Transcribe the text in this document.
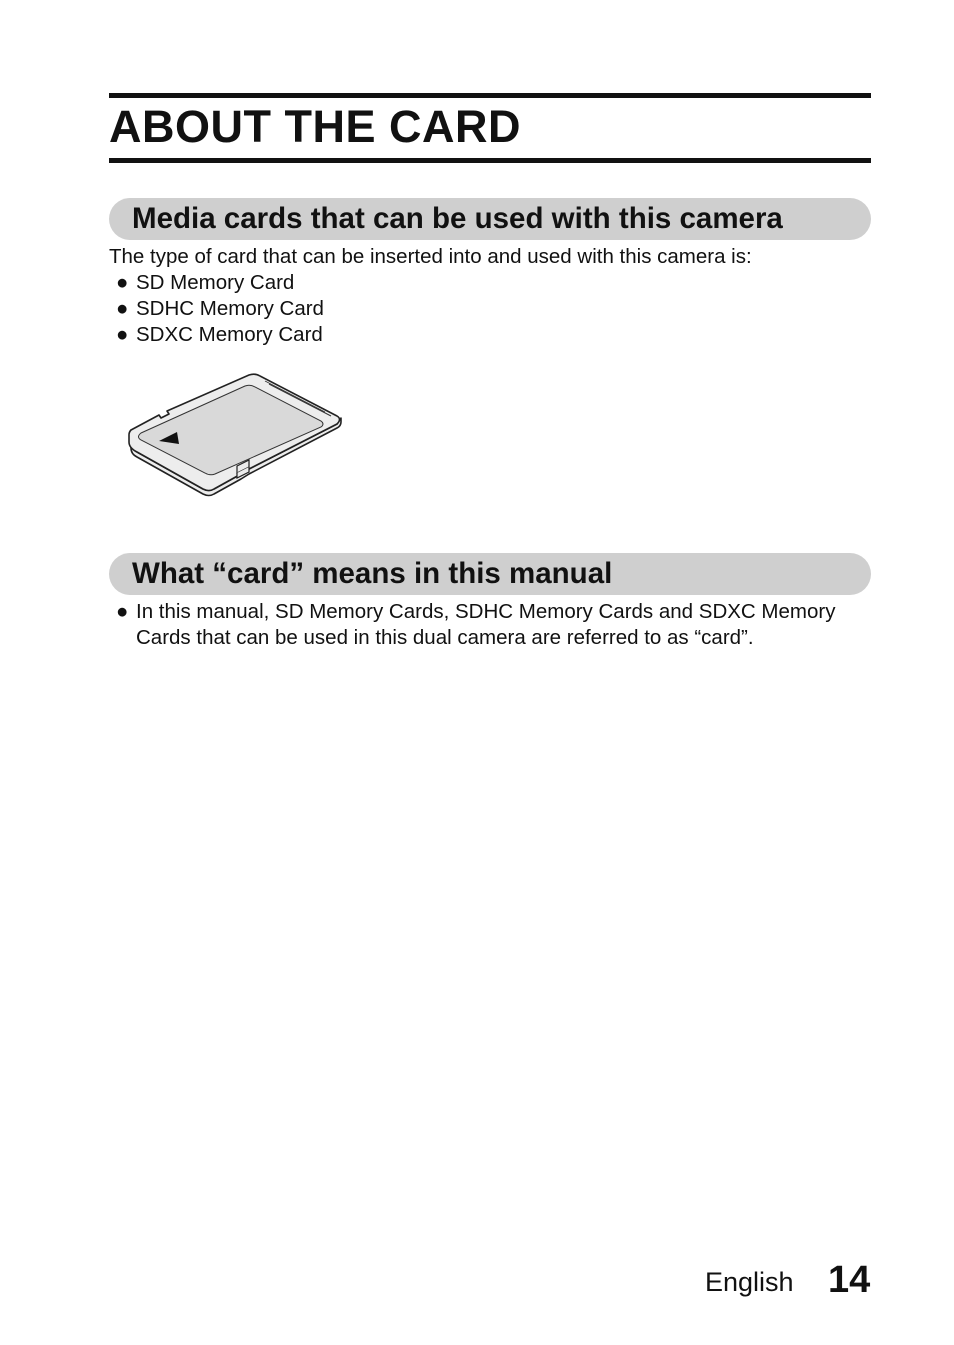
ABOUT THE CARD
Media cards that can be used with this camera

The type of card that can be inserted into and used with this camera is:

● SD Memory Card
● SDHC Memory Card
● SDXC Memory Card
What “card” means in this manual
● In this manual, SD Memory Cards, SDHC Memory Cards and SDXC Memory Cards that can be used in this dual camera are referred to as “card”.

English 14
